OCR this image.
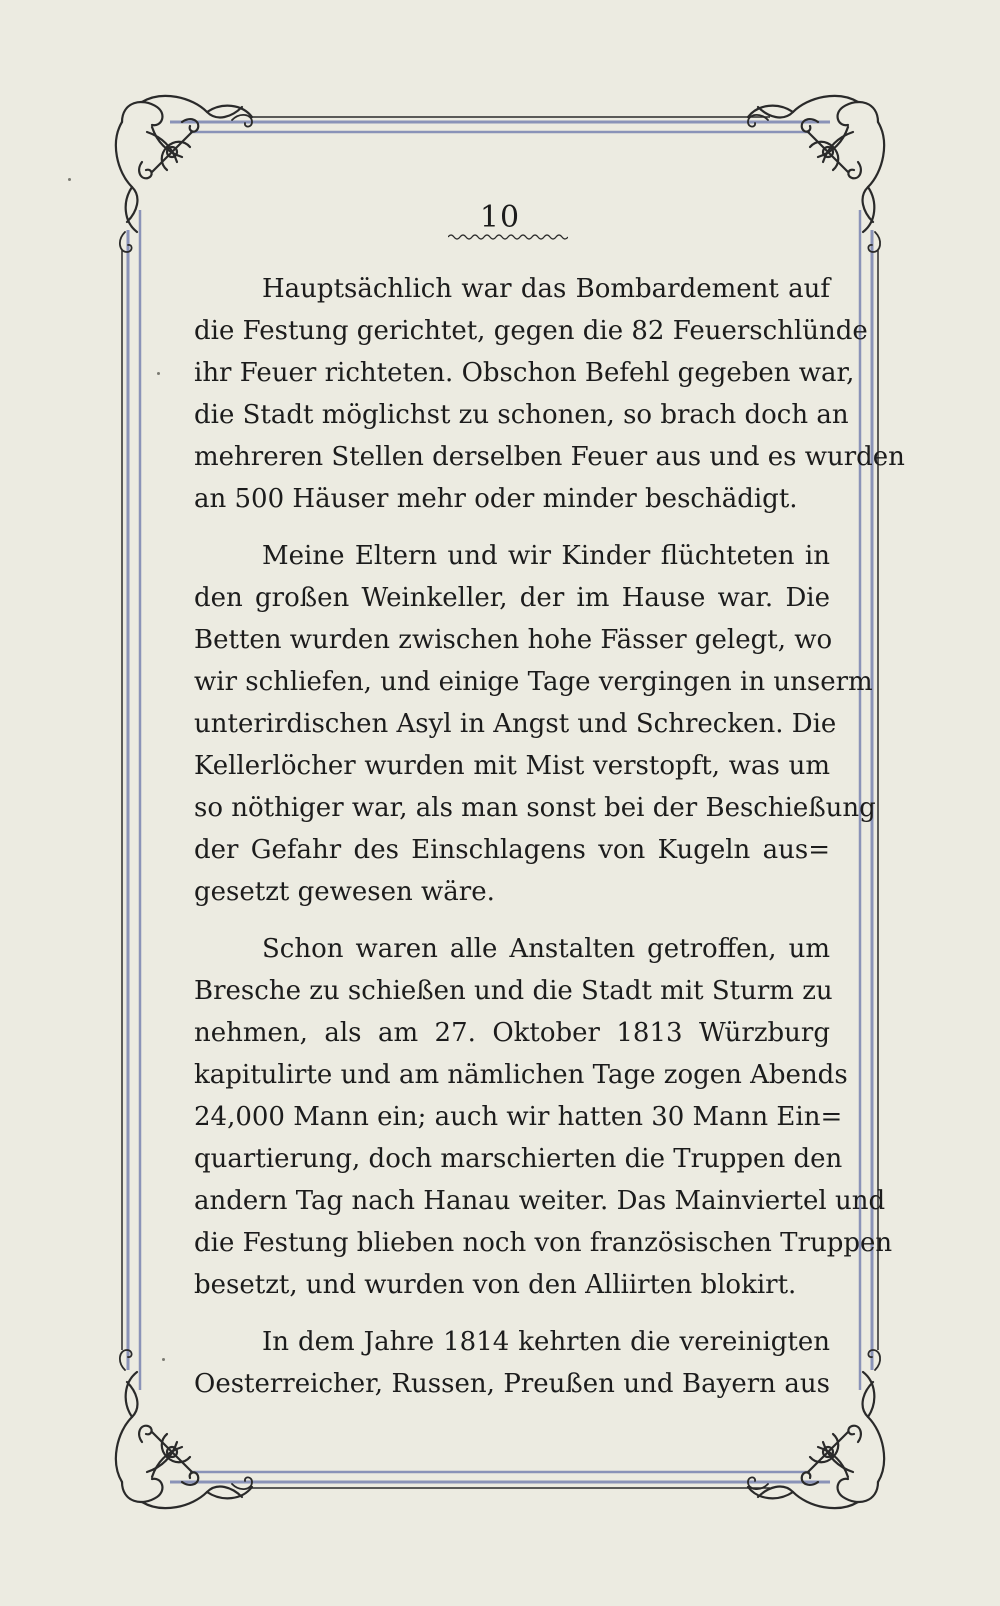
10
Hauptsächlich war das Bombardement auf
die Festung gerichtet, gegen die 82 Feuerschlünde
ihr Feuer richteten. Obschon Befehl gegeben war,
die Stadt möglichst zu schonen, so brach doch an
mehreren Stellen derselben Feuer aus und es wurden
an 500 Häuser mehr oder minder beschädigt.
Meine Eltern und wir Kinder flüchteten in
den großen Weinkeller, der im Hause war. Die
Betten wurden zwischen hohe Fässer gelegt, wo
wir schliefen, und einige Tage vergingen in unserm
unterirdischen Asyl in Angst und Schrecken. Die
Kellerlöcher wurden mit Mist verstopft, was um
so nöthiger war, als man sonst bei der Beschießung
der Gefahr des Einschlagens von Kugeln aus=
gesetzt gewesen wäre.
Schon waren alle Anstalten getroffen, um
Bresche zu schießen und die Stadt mit Sturm zu
nehmen, als am 27. Oktober 1813 Würzburg
kapitulirte und am nämlichen Tage zogen Abends
24,000 Mann ein; auch wir hatten 30 Mann Ein=
quartierung, doch marschierten die Truppen den
andern Tag nach Hanau weiter. Das Mainviertel und
die Festung blieben noch von französischen Truppen
besetzt, und wurden von den Alliirten blokirt.
In dem Jahre 1814 kehrten die vereinigten
Oesterreicher, Russen, Preußen und Bayern aus
